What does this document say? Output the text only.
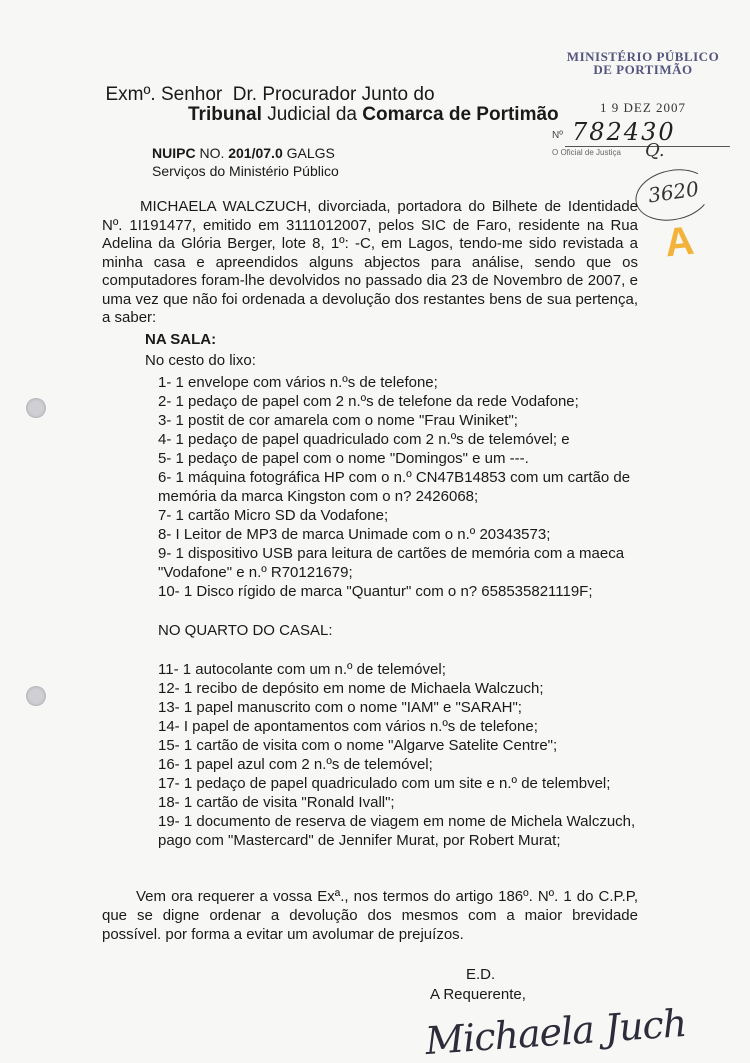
MINISTÉRIO PÚBLICO
DE PORTIMÃO
1 9 DEZ 2007
Nº 782430
O Oficial de Justiça Q.
3620
A
Exmº. Senhor Dr. Procurador Junto do
Tribunal Judicial da Comarca de Portimão
NUIPC NO. 201/07.0 GALGS
Serviços do Ministério Público

MICHAELA WALCZUCH, divorciada, portadora do Bilhete de Identidade Nº. 1I191477, emitido em 3111012007, pelos SIC de Faro, residente na Rua Adelina da Glória Berger, lote 8, 1º: -C, em Lagos, tendo-me sido revistada a minha casa e apreendidos alguns abjectos para análise, sendo que os computadores foram-lhe devolvidos no passado dia 23 de Novembro de 2007, e uma vez que não foi ordenada a devolução dos restantes bens de sua pertença, a saber:

NA SALA:
No cesto do lixo:

1- 1 envelope com vários n.ºs de telefone;

2- 1 pedaço de papel com 2 n.ºs de telefone da rede Vodafone;

3- 1 postit de cor amarela com o nome "Frau Winiket";

4- 1 pedaço de papel quadriculado com 2 n.ºs de telemóvel; e

5- 1 pedaço de papel com o nome "Domingos" e um ---.

6- 1 máquina fotográfica HP com o n.º CN47B14853 com um cartão de memória da marca Kingston com o n? 2426068;

7- 1 cartão Micro SD da Vodafone;

8- I Leitor de MP3 de marca Unimade com o n.º 20343573;

9- 1 dispositivo USB para leitura de cartões de memória com a maeca "Vodafone" e n.º R70121679;

10- 1 Disco rígido de marca "Quantur" com o n? 658535821119F;

NO QUARTO DO CASAL:

11- 1 autocolante com um n.º de telemóvel;

12- 1 recibo de depósito em nome de Michaela Walczuch;

13- 1 papel manuscrito com o nome "IAM" e "SARAH";

14- I papel de apontamentos com vários n.ºs de telefone;

15- 1 cartão de visita com o nome "Algarve Satelite Centre";

16- 1 papel azul com 2 n.ºs de telemóvel;

17- 1 pedaço de papel quadriculado com um site e n.º de telembvel;

18- 1 cartão de visita "Ronald Ivall";

19- 1 documento de reserva de viagem em nome de Michela Walczuch, pago com "Mastercard" de Jennifer Murat, por Robert Murat;

Vem ora requerer a vossa Exª., nos termos do artigo 186º. Nº. 1 do C.P.P, que se digne ordenar a devolução dos mesmos com a maior brevidade possível. por forma a evitar um avolumar de prejuízos.
E.D.
A Requerente,
Michaela Juch
